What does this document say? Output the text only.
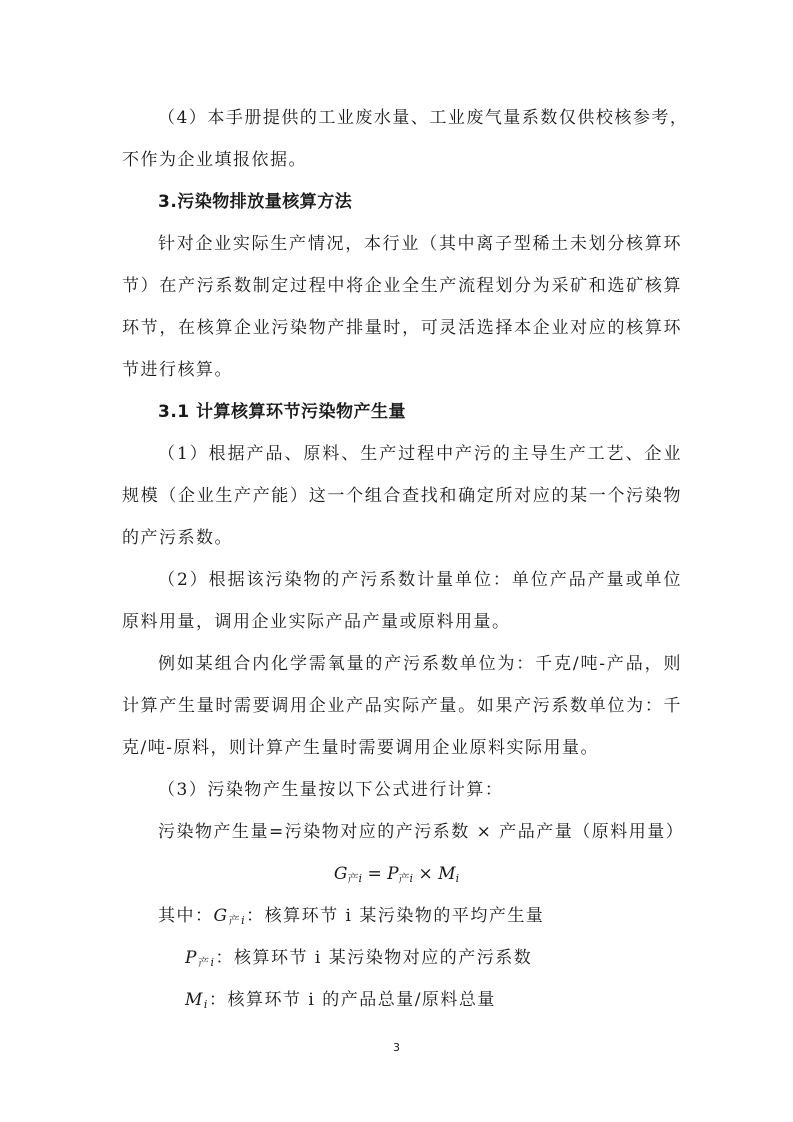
（4）本手册提供的工业废水量、工业废气量系数仅供校核参考，
不作为企业填报依据。
3.污染物排放量核算方法
针对企业实际生产情况，本行业（其中离子型稀土未划分核算环
节）在产污系数制定过程中将企业全生产流程划分为采矿和选矿核算
环节，在核算企业污染物产排量时，可灵活选择本企业对应的核算环
节进行核算。
3.1 计算核算环节污染物产生量
（1）根据产品、原料、生产过程中产污的主导生产工艺、企业
规模（企业生产产能）这一个组合查找和确定所对应的某一个污染物
的产污系数。
（2）根据该污染物的产污系数计量单位：单位产品产量或单位
原料用量，调用企业实际产品产量或原料用量。
例如某组合内化学需氧量的产污系数单位为：千克/吨-产品，则
计算产生量时需要调用企业产品实际产量。如果产污系数单位为：千
克/吨-原料，则计算产生量时需要调用企业原料实际用量。
（3）污染物产生量按以下公式进行计算：
污染物产生量=污染物对应的产污系数 × 产品产量（原料用量）
$G_产i = P_产i \times Mi$
其中：$G_产i$：核算环节 i 某污染物的平均产生量
$P_产i$：核算环节 i 某污染物对应的产污系数
Mi：核算环节 i 的产品总量/原料总量
3
